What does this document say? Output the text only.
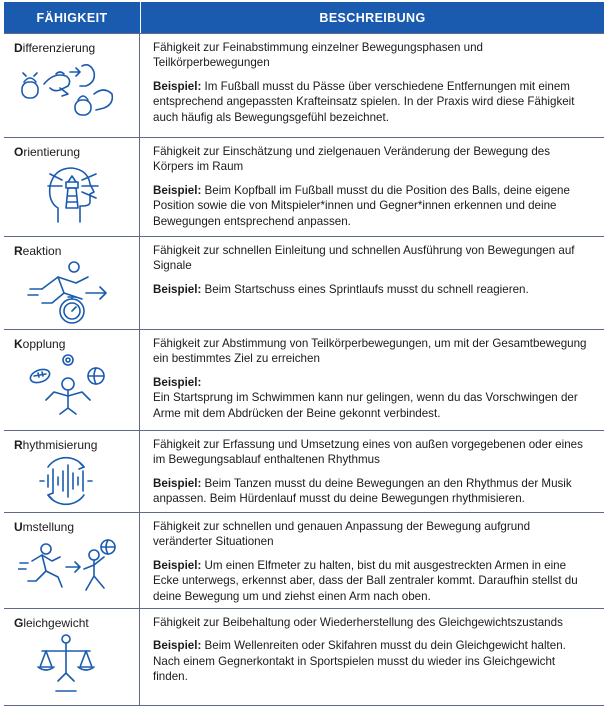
FÄHIGKEIT	BESCHREIBUNG
Differenzierung	Fähigkeit zur Feinabstimmung einzelner Bewegungsphasen und Teilkörperbewegungen

Beispiel: Im Fußball musst du Pässe über verschiedene Entfernungen mit einem entsprechend angepassten Krafteinsatz spielen. In der Praxis wird diese Fähigkeit auch häufig als Bewegungsgefühl bezeichnet.

Orientierung	Fähigkeit zur Einschätzung und zielgenauen Veränderung der Bewegung des Körpers im Raum

Beispiel: Beim Kopfball im Fußball musst du die Position des Balls, deine eigene Position sowie die von Mitspieler*innen und Gegner*innen erkennen und deine Bewegungen entsprechend anpassen.

Reaktion	Fähigkeit zur schnellen Einleitung und schnellen Ausführung von Bewegungen auf Signale

Beispiel: Beim Startschuss eines Sprintlaufs musst du schnell reagieren.

Kopplung	Fähigkeit zur Abstimmung von Teilkörperbewegungen, um mit der Gesamtbewegung ein bestimmtes Ziel zu erreichen

Beispiel:
Ein Startsprung im Schwimmen kann nur gelingen, wenn du das Vorschwingen der Arme mit dem Abdrücken der Beine gekonnt verbindest.

Rhythmisierung	Fähigkeit zur Erfassung und Umsetzung eines von außen vorgegebenen oder eines im Bewegungsablauf enthaltenen Rhythmus

Beispiel: Beim Tanzen musst du deine Bewegungen an den Rhythmus der Musik anpassen. Beim Hürdenlauf musst du deine Bewegungen rhythmisieren.

Umstellung	Fähigkeit zur schnellen und genauen Anpassung der Bewegung aufgrund veränderter Situationen

Beispiel: Um einen Elfmeter zu halten, bist du mit ausgestreckten Armen in eine Ecke unterwegs, erkennst aber, dass der Ball zentraler kommt. Daraufhin stellst du deine Bewegung um und ziehst einen Arm nach oben.

Gleichgewicht	Fähigkeit zur Beibehaltung oder Wiederherstellung des Gleichgewichtszustands

Beispiel: Beim Wellenreiten oder Skifahren musst du dein Gleichgewicht halten. Nach einem Gegnerkontakt in Sportspielen musst du wieder ins Gleichgewicht finden.
